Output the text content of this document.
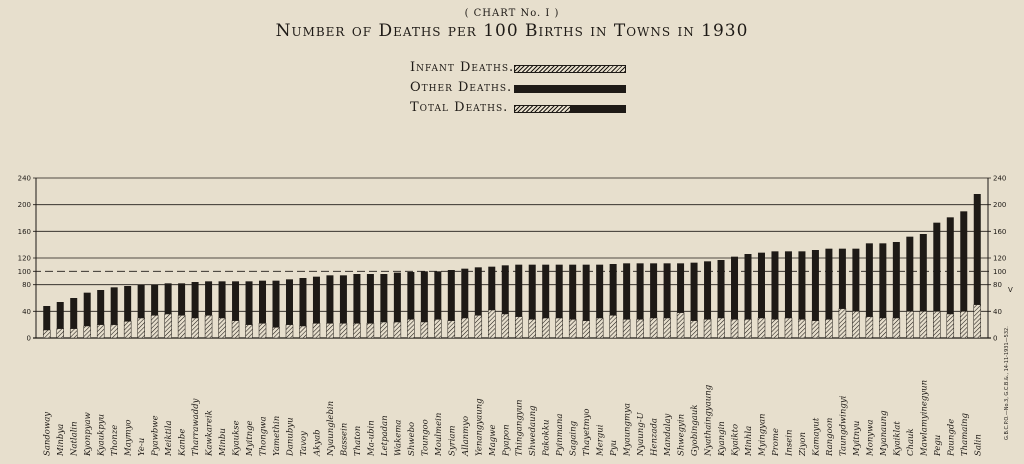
( CHART No. I )
Number of Deaths per 100 Births in Towns in 1930
Infant Deaths.
Other Deaths.
Total Deaths.
0	0
40	40
80	80
100	100
120	120
160	160
200	200
240	240
Sandoway Minbya Natlalin Kyonpyaw Kyaukpyu Thonze Maymyo Ye-u Pyawbwe Meiktila Kanbe Tharrawaddy Kawkareik Minbu Kyaukse Myitnge Thongwa Yamethin Danubyu Tavoy Akyab Nyaunglebin Bassein Thaton Ma-ubin Letpadan Wakema Shwebo Toungoo Moulmein Syriam Allanmyo Yenangyaung Magwe Pyapon Thingangyun Shwedaung Pakokku Pyinmana Sagaing Thayetmyo Mergui Pyu Myaungmya Nyaung-U Henzada Mandalay Shwegyin Gyobingauk Nyathaingyaung Kyangin Kyaikto Minhla Myingyan Prome Insein Ziyon Kamayut Rangoon Taungdwingyi Myitnyu Monywa Myanaung Kyaiklat Chauk Mawlamyinegyun Pegu Paungde Thamaing Salin
G.B.C.P.O.—No.3, G.C.B.&., 14-11-1931—532.
V
